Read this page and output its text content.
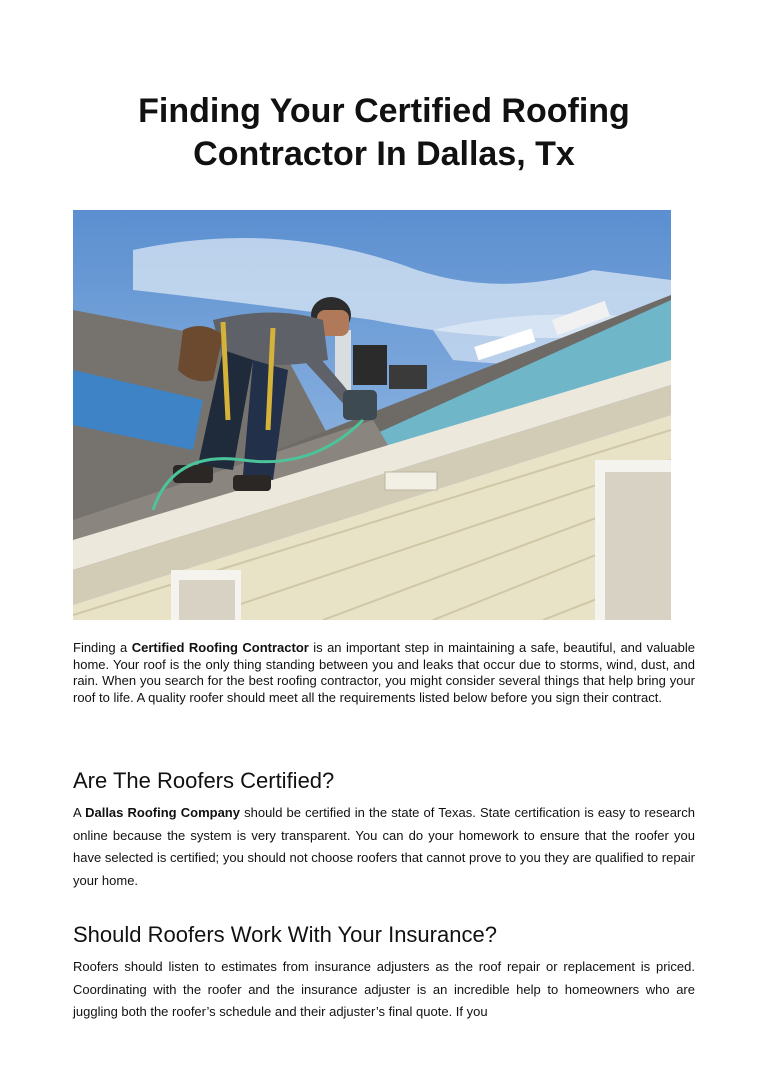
Finding Your Certified Roofing Contractor In Dallas, Tx

Finding a Certified Roofing Contractor is an important step in maintaining a safe, beautiful, and valuable home. Your roof is the only thing standing between you and leaks that occur due to storms, wind, dust, and rain. When you search for the best roofing contractor, you might consider several things that help bring your roof to life. A quality roofer should meet all the requirements listed below before you sign their contract.

Are The Roofers Certified?

A Dallas Roofing Company should be certified in the state of Texas. State certification is easy to research online because the system is very transparent. You can do your homework to ensure that the roofer you have selected is certified; you should not choose roofers that cannot prove to you they are qualified to repair your home.

Should Roofers Work With Your Insurance?

Roofers should listen to estimates from insurance adjusters as the roof repair or replacement is priced. Coordinating with the roofer and the insurance adjuster is an incredible help to homeowners who are juggling both the roofer’s schedule and their adjuster’s final quote. If you
